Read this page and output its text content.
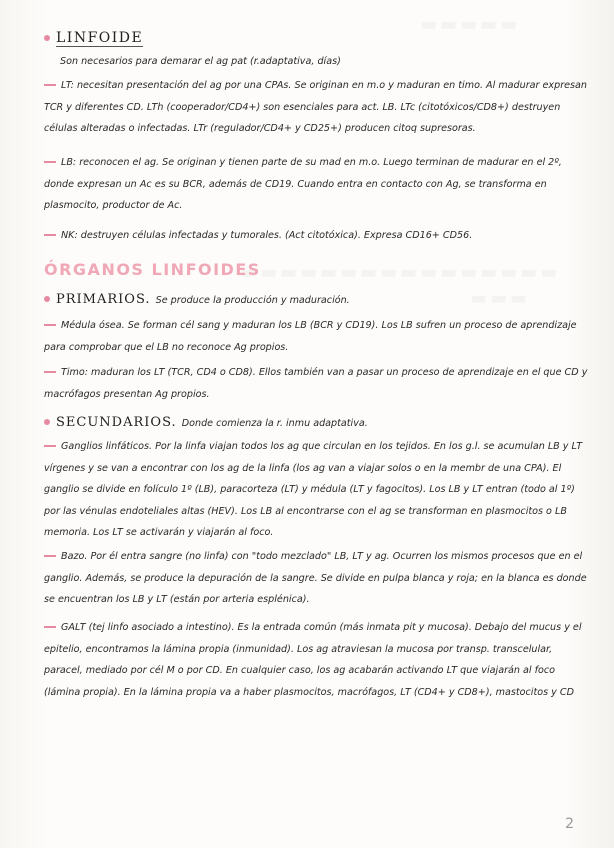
LINFOIDE
Son necesarios para demarar el ag pat (r.adaptativa, días)
LT: necesitan presentación del ag por una CPAs. Se originan en m.o y maduran en timo. Al madurar expresan TCR y diferentes CD. LTh (cooperador/CD4+) son esenciales para act. LB. LTc (citotóxicos/CD8+) destruyen células alteradas o infectadas. LTr (regulador/CD4+ y CD25+) producen citoq supresoras.
LB: reconocen el ag. Se originan y tienen parte de su mad en m.o. Luego terminan de madurar en el 2º, donde expresan un Ac es su BCR, además de CD19. Cuando entra en contacto con Ag, se transforma en plasmocito, productor de Ac.
NK: destruyen células infectadas y tumorales. (Act citotóxica). Expresa CD16+ CD56.
ÓRGANOS LINFOIDES
PRIMARIOS. Se produce la producción y maduración.
Médula ósea. Se forman cél sang y maduran los LB (BCR y CD19). Los LB sufren un proceso de aprendizaje para comprobar que el LB no reconoce Ag propios.
Timo: maduran los LT (TCR, CD4 o CD8). Ellos también van a pasar un proceso de aprendizaje en el que CD y macrófagos presentan Ag propios.
SECUNDARIOS. Donde comienza la r. inmu adaptativa.
Ganglios linfáticos. Por la linfa viajan todos los ag que circulan en los tejidos. En los g.l. se acumulan LB y LT vírgenes y se van a encontrar con los ag de la linfa (los ag van a viajar solos o en la membr de una CPA). El ganglio se divide en folículo 1º (LB), paracorteza (LT) y médula (LT y fagocitos). Los LB y LT entran (todo al 1º) por las vénulas endoteliales altas (HEV). Los LB al encontrarse con el ag se transforman en plasmocitos o LB memoria. Los LT se activarán y viajarán al foco.
Bazo. Por él entra sangre (no linfa) con "todo mezclado" LB, LT y ag. Ocurren los mismos procesos que en el ganglio. Además, se produce la depuración de la sangre. Se divide en pulpa blanca y roja; en la blanca es donde se encuentran los LB y LT (están por arteria esplénica).
GALT (tej linfo asociado a intestino). Es la entrada común (más inmata pit y mucosa). Debajo del mucus y el epitelio, encontramos la lámina propia (inmunidad). Los ag atraviesan la mucosa por transp. transcelular, paracel, mediado por cél M o por CD. En cualquier caso, los ag acabarán activando LT que viajarán al foco (lámina propia). En la lámina propia va a haber plasmocitos, macrófagos, LT (CD4+ y CD8+), mastocitos y CD
2
